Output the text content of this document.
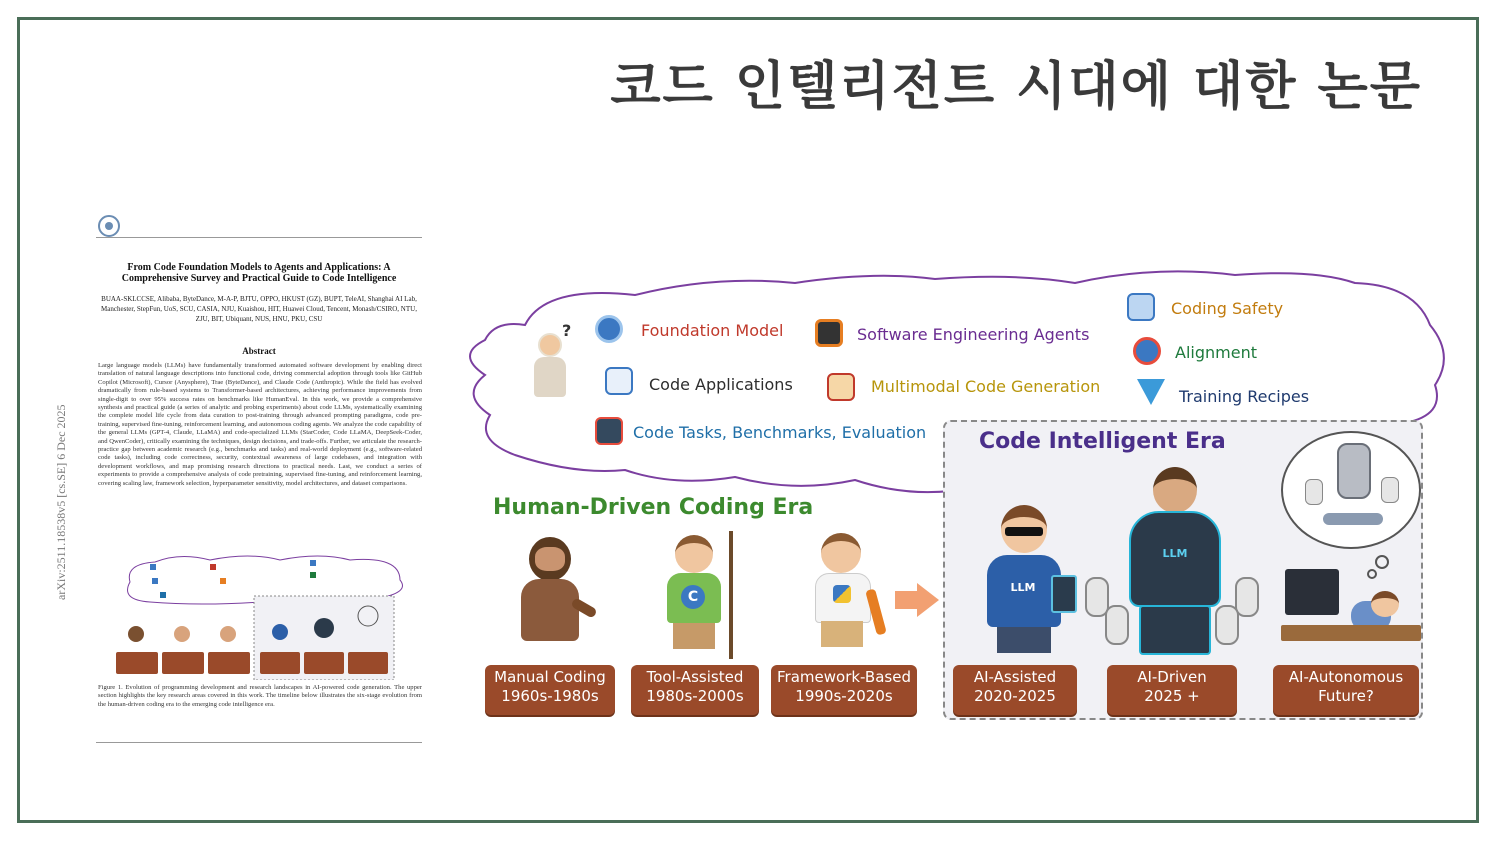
코드 인텔리전트 시대에 대한 논문
From Code Foundation Models to Agents and Applications: A Comprehensive Survey and Practical Guide to Code Intelligence
BUAA-SKLCCSE, Alibaba, ByteDance, M-A-P, BJTU, OPPO, HKUST (GZ), BUPT, TeleAI, Shanghai AI Lab, Manchester, StepFun, UoS, SCU, CASIA, NJU, Kuaishou, HIT, Huawei Cloud, Tencent, Monash/CSIRO, NTU, ZJU, BIT, Ubiquant, NUS, HNU, PKU, CSU
Abstract
Large language models (LLMs) have fundamentally transformed automated software development by enabling direct translation of natural language descriptions into functional code, driving commercial adoption through tools like GitHub Copilot (Microsoft), Cursor (Anysphere), Trae (ByteDance), and Claude Code (Anthropic). While the field has evolved dramatically from rule-based systems to Transformer-based architectures, achieving performance improvements from single-digit to over 95% success rates on benchmarks like HumanEval. In this work, we provide a comprehensive synthesis and practical guide (a series of analytic and probing experiments) about code LLMs, systematically examining the complete model life cycle from data curation to post-training through advanced prompting paradigms, code pre-training, supervised fine-tuning, reinforcement learning, and autonomous coding agents. We analyze the code capability of the general LLMs (GPT-4, Claude, LLaMA) and code-specialized LLMs (StarCoder, Code LLaMA, DeepSeek-Coder, and QwenCoder), critically examining the techniques, design decisions, and trade-offs. Further, we articulate the research-practice gap between academic research (e.g., benchmarks and tasks) and real-world deployment (e.g., software-related code tasks), including code correctness, security, contextual awareness of large codebases, and integration with development workflows, and map promising research directions to practical needs. Last, we conduct a series of experiments to provide a comprehensive analysis of code pretraining, supervised fine-tuning, and reinforcement learning, covering scaling law, framework selection, hyperparameter sensitivity, model architectures, and dataset comparisons.
arXiv:2511.18538v5 [cs.SE] 6 Dec 2025
Figure 1. Evolution of programming development and research landscapes in AI-powered code generation. The upper section highlights the key research areas covered in this work. The timeline below illustrates the six-stage evolution from the human-driven coding era to the emerging code intelligence era.
?	Foundation Model	Software Engineering Agents
Coding Safety
Code Applications	Multimodal Code Generation
Alignment
Training Recipes
Code Tasks, Benchmarks, Evaluation Code Intelligent Era
Human-Driven Coding Era
C
LLM
LLM
Manual Coding
1960s-1980s
Tool-Assisted
1980s-2000s
Framework-Based
1990s-2020s
AI-Assisted
2020-2025
AI-Driven
2025 +
AI-Autonomous
Future?
